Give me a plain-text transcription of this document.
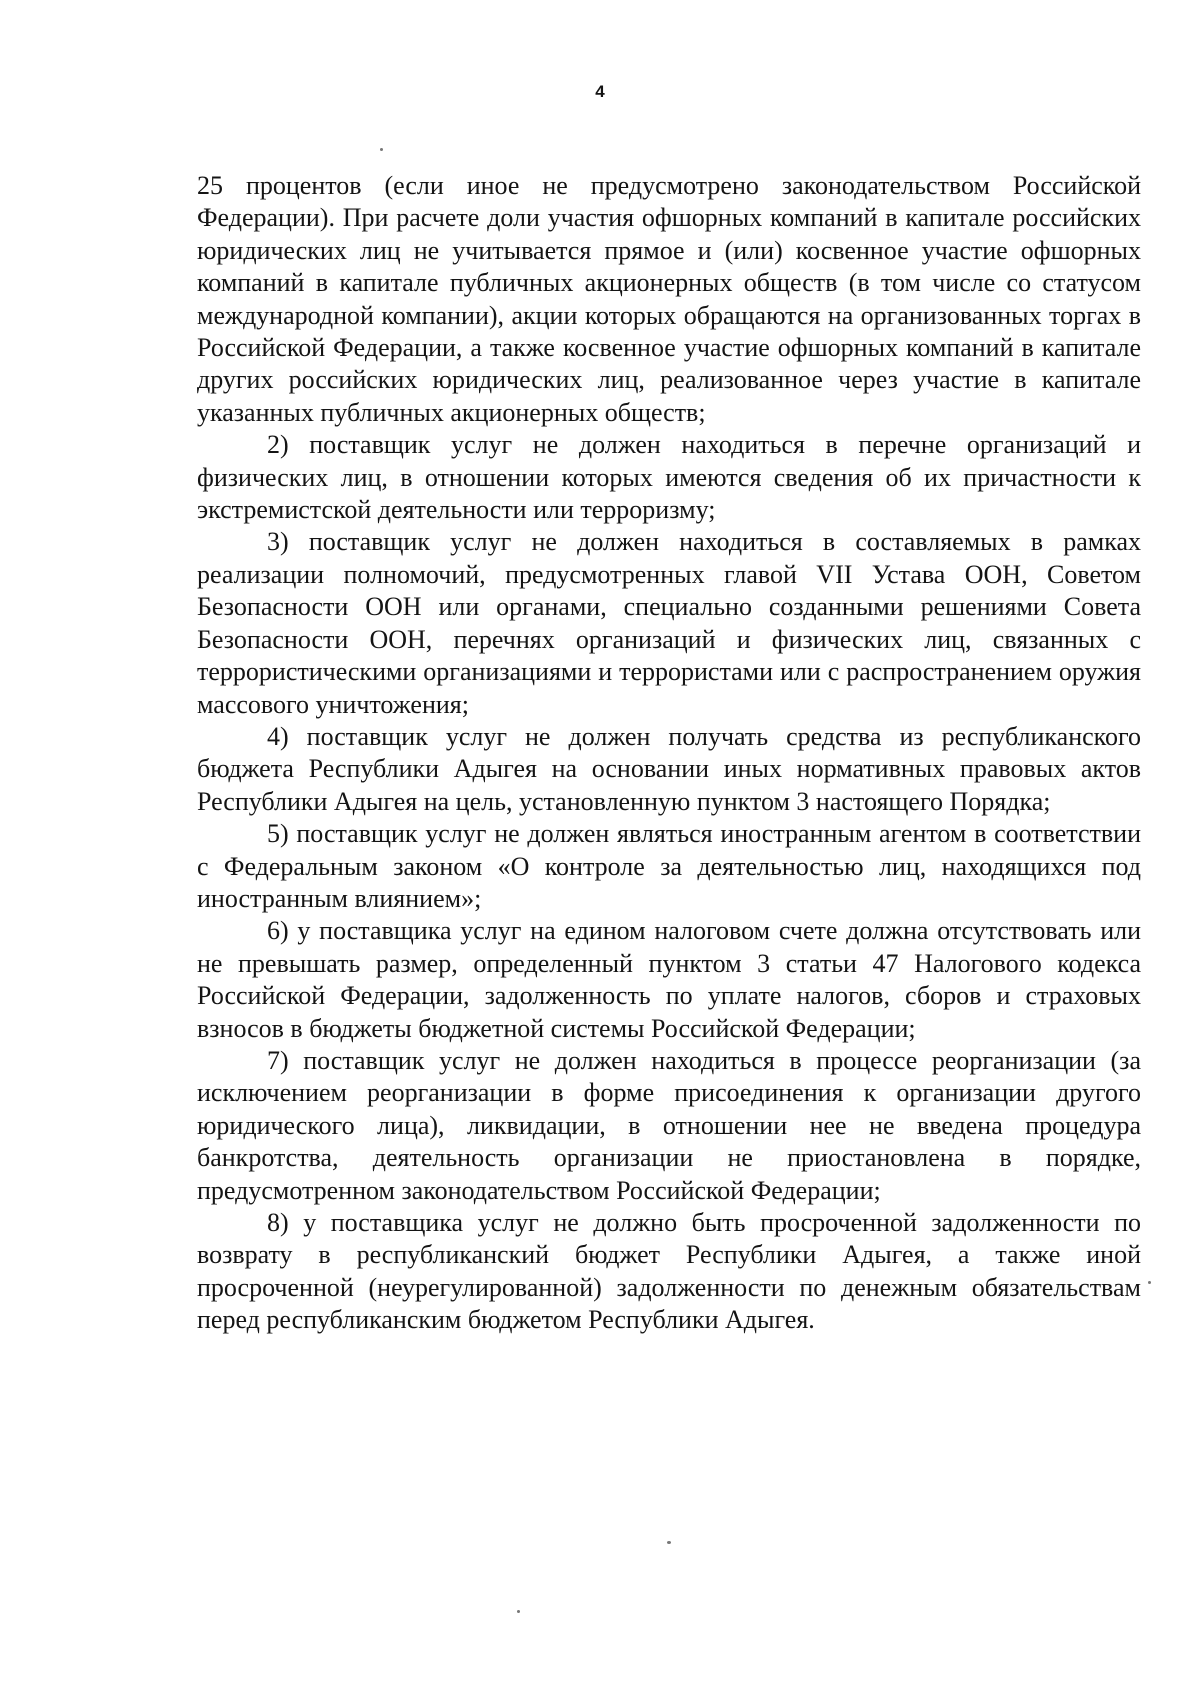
4

25 процентов (если иное не предусмотрено законодательством Российской Федерации). При расчете доли участия офшорных компаний в капитале российских юридических лиц не учитывается прямое и (или) косвенное участие офшорных компаний в капитале публичных акционерных обществ (в том числе со статусом международной компании), акции которых обращаются на организованных торгах в Российской Федерации, а также косвенное участие офшорных компаний в капитале других российских юридических лиц, реализованное через участие в капитале указанных публичных акционерных обществ;

2) поставщик услуг не должен находиться в перечне организаций и физических лиц, в отношении которых имеются сведения об их причастности к экстремистской деятельности или терроризму;

3) поставщик услуг не должен находиться в составляемых в рамках реализации полномочий, предусмотренных главой VII Устава ООН, Советом Безопасности ООН или органами, специально созданными решениями Совета Безопасности ООН, перечнях организаций и физических лиц, связанных с террористическими организациями и террористами или с распространением оружия массового уничтожения;

4) поставщик услуг не должен получать средства из республиканского бюджета Республики Адыгея на основании иных нормативных правовых актов Республики Адыгея на цель, установленную пунктом 3 настоящего Порядка;

5) поставщик услуг не должен являться иностранным агентом в соответствии с Федеральным законом «О контроле за деятельностью лиц, находящихся под иностранным влиянием»;

6) у поставщика услуг на едином налоговом счете должна отсутствовать или не превышать размер, определенный пунктом 3 статьи 47 Налогового кодекса Российской Федерации, задолженность по уплате налогов, сборов и страховых взносов в бюджеты бюджетной системы Российской Федерации;

7) поставщик услуг не должен находиться в процессе реорганизации (за исключением реорганизации в форме присоединения к организации другого юридического лица), ликвидации, в отношении нее не введена процедура банкротства, деятельность организации не приостановлена в порядке, предусмотренном законодательством Российской Федерации;

8) у поставщика услуг не должно быть просроченной задолженности по возврату в республиканский бюджет Республики Адыгея, а также иной просроченной (неурегулированной) задолженности по денежным обязательствам перед республиканским бюджетом Республики Адыгея.
